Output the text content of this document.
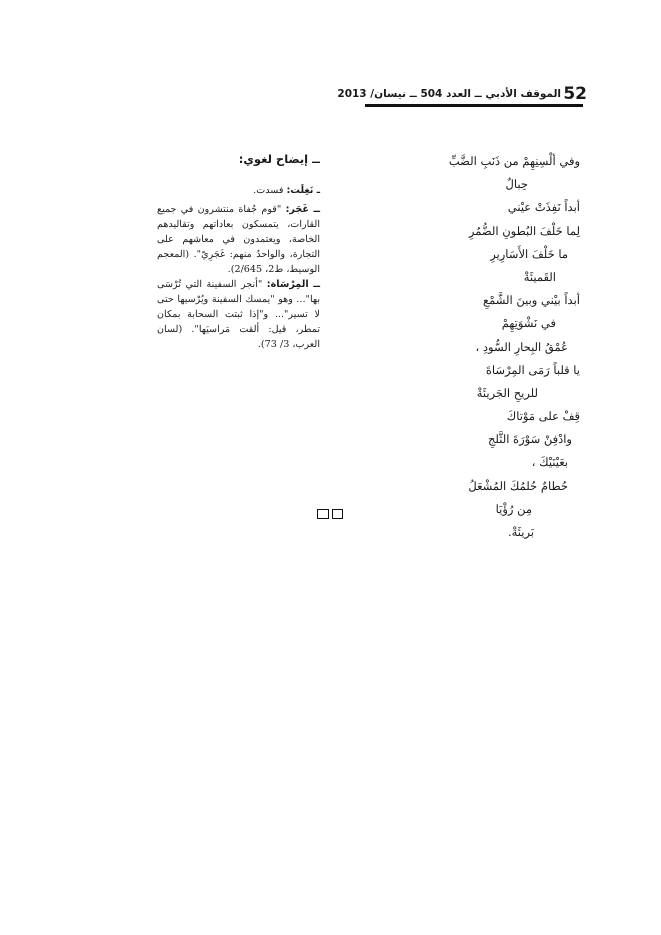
52
الموقف الأدبي ــ العدد 504 ــ نيسان/ 2013
وفي ألْسِنِهِمْ من ذَنَبِ الضَّبِّ
حِبالٌ
أبداً نَفِذَتْ عيْني
لِما خَلْفَ البُطونِ الضُّمُرِ
ما خَلْفَ الأَسَارِيرِ
القَميئَةْ
أبداً بيْني وبينَ الشَّمْعِ
في نَشْوَتِهِمْ
عُمْقُ البِحارِ السُّودِ ،
يا قلباً رَمَى المِرْسَاةَ
للريحِ الجَريئَةْ
قِفْ على مَوْتاكَ
وادْفِنْ سَوْرَةَ الثَّلجِ
بعَيْنَيْكَ ،
حُطامٌ حُلمُكَ المُشْعَلُ
مِن رُؤْيَا
بَريئَةْ.
ــ إيضاح لغوي:
ـ نَغِلَت: فسدت.
ــ غَجَر: "قوم جُفاة منتشرون في جميع القارات، يتمسكون بعاداتهم وتقاليدهم الخاصة، ويعتمدون في معاشهم على التجارة، والواحدُ منهم: غَجَرِيّ". (المعجم الوسيط، ط2، 2/645).
ــ المِرْسَاة: "أنجر السفينة التي تُرْسَى بها"... وهو "يمسك السفينة ويُرْسيها حتى لا تسير"... و"إذا ثبتت السحابة بمكان تمطر، قيل: ألقت مَراسيَها". (لسان العرب، 3/ 73).
